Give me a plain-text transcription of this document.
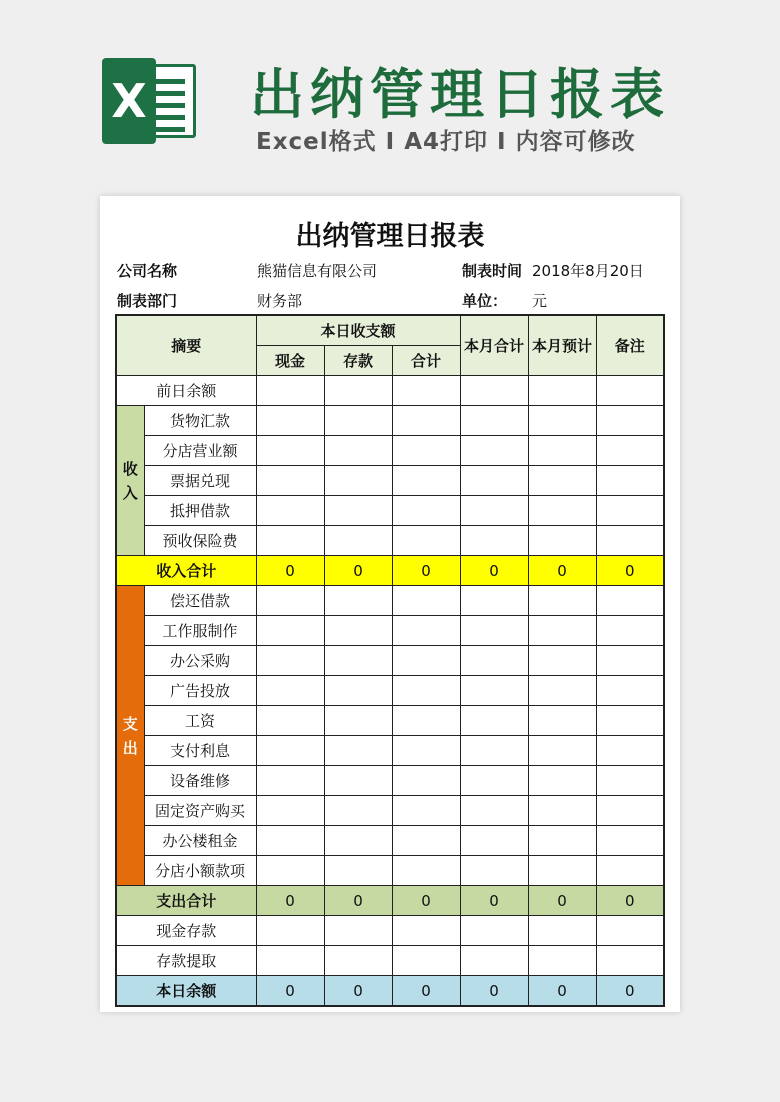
X 出纳管理日报表
Excel格式 I A4打印 I 内容可修改
出纳管理日报表
公司名称	熊猫信息有限公司	制表时间 2018年8月20日
制表部门	财务部	单位： 元
摘要		本日收支额			本月合计	本月预计	备注
		现金	存款	合计			
前日余额							

收入	货物汇款						
	分店营业额						
	票据兑现						
	抵押借款						
	预收保险费						
收入合计		0	0	0	0	0	0

支出	偿还借款						
	工作服制作						
	办公采购						
	广告投放						
	工资						
	支付利息						
	设备维修						
	固定资产购买						
	办公楼租金						
	分店小额款项						
支出合计		0	0	0	0	0	0
现金存款							
存款提取							
本日余额		0	0	0	0	0	0
